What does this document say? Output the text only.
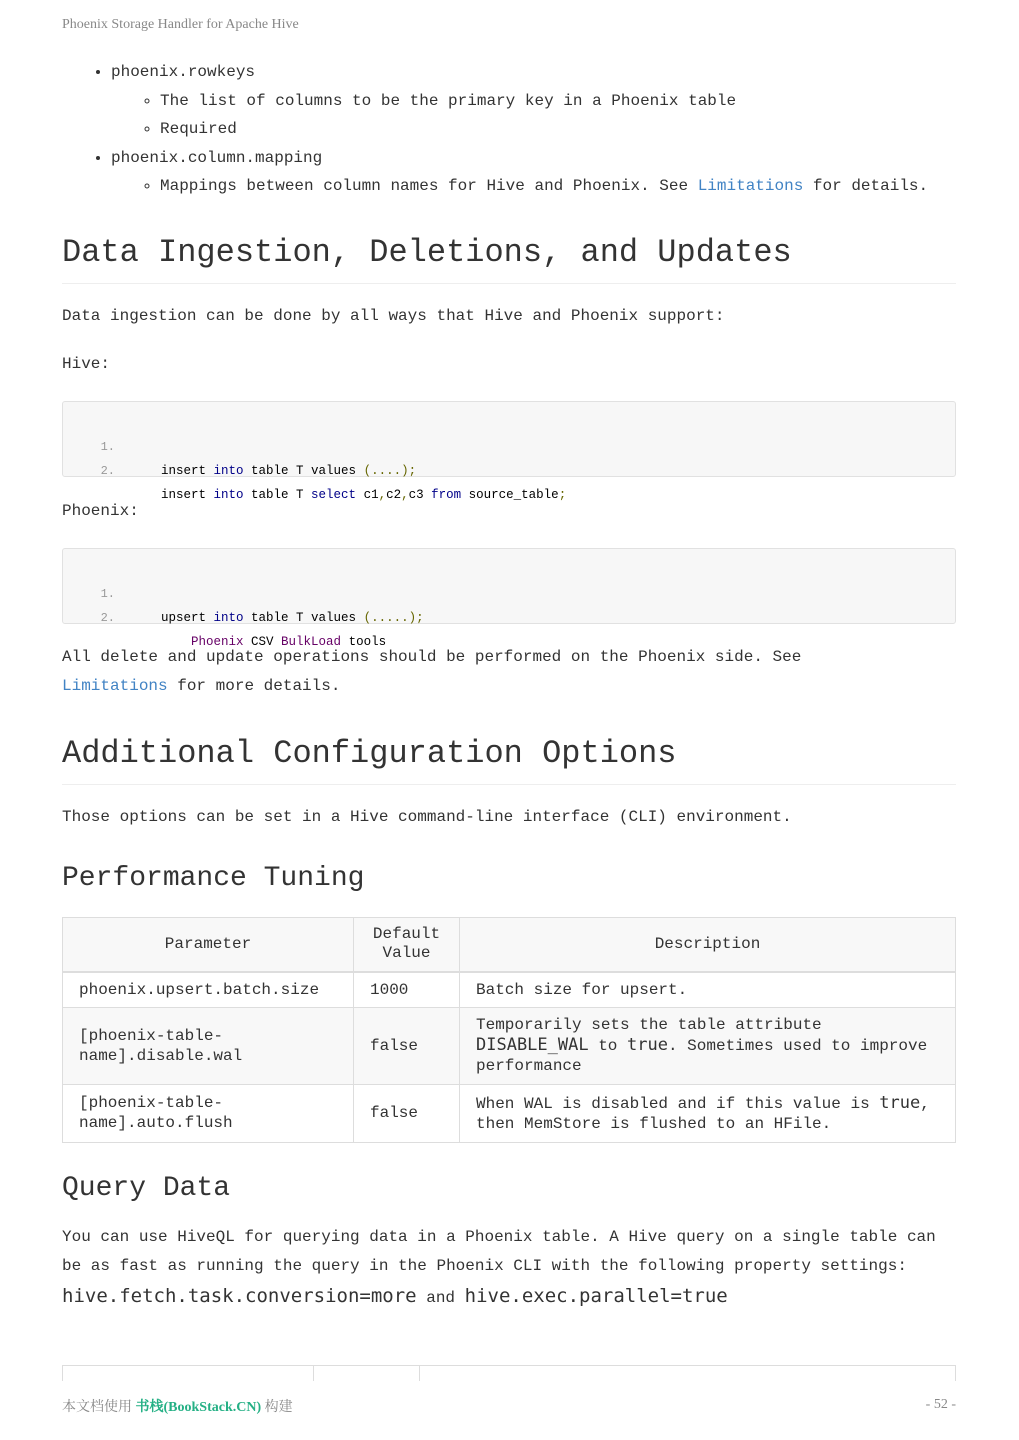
Phoenix Storage Handler for Apache Hive
• phoenix.rowkeys
◦ The list of columns to be the primary key in a Phoenix table
◦ Required
• phoenix.column.mapping
◦ Mappings between column names for Hive and Phoenix. See Limitations for details.
Data Ingestion, Deletions, and Updates

Data ingestion can be done by all ways that Hive and Phoenix support:

Hive:

1.

insert into table T values (....);

2.

insert into table T select c1,c2,c3 from source_table;

Phoenix:

1.

upsert into table T values (.....);

2.

Phoenix CSV BulkLoad tools

All delete and update operations should be performed on the Phoenix side. See
Limitations for more details.

Additional Configuration Options

Those options can be set in a Hive command-line interface (CLI) environment.

Performance Tuning
Parameter	Default Value	Description
phoenix.upsert.batch.size	1000	Batch size for upsert.
[phoenix-table-name].disable.wal	false	Temporarily sets the table attribute DISABLE_WAL to true. Sometimes used to improve performance
[phoenix-table-name].auto.flush	false	When WAL is disabled and if this value is true, then MemStore is flushed to an HFile.
Query Data

You can use HiveQL for querying data in a Phoenix table. A Hive query on a single table can be as fast as running the query in the Phoenix CLI with the following property settings: hive.fetch.task.conversion=more and hive.exec.parallel=true

本文档使用 书栈(BookStack.CN) 构建	- 52 -
